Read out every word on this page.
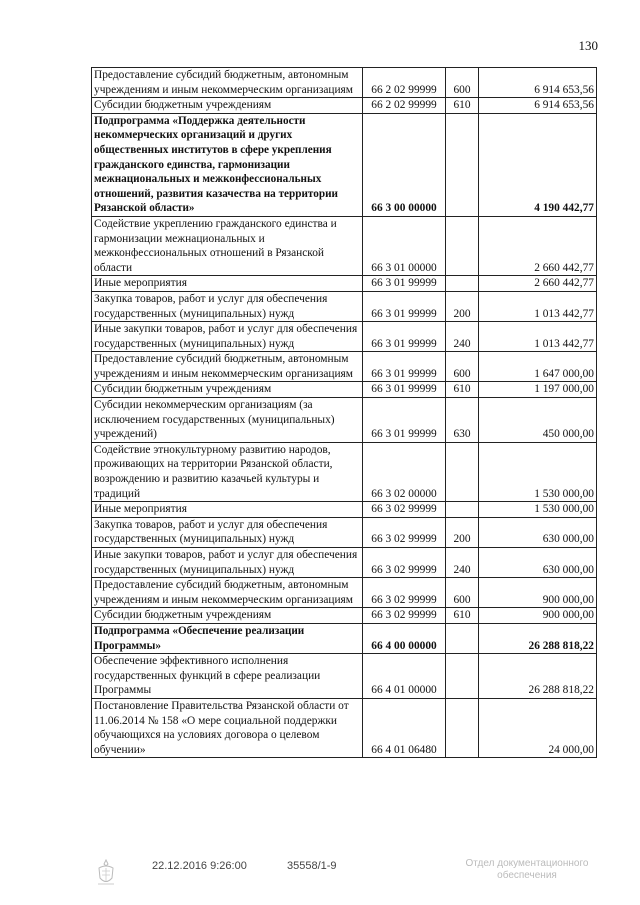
130
Предоставление субсидий бюджетным, автономным учреждениям и иным некоммерческим организациям	66 2 02 99999	600	6 914 653,56
Субсидии бюджетным учреждениям	66 2 02 99999	610	6 914 653,56
Подпрограмма «Поддержка деятельности некоммерческих организаций и других общественных институтов в сфере укрепления гражданского единства, гармонизации межнациональных и межконфессиональных отношений, развития казачества на территории Рязанской области»	66 3 00 00000		4 190 442,77
Содействие укреплению гражданского единства и гармонизации межнациональных и межконфессиональных отношений в Рязанской области	66 3 01 00000		2 660 442,77
Иные мероприятия	66 3 01 99999		2 660 442,77
Закупка товаров, работ и услуг для обеспечения государственных (муниципальных) нужд	66 3 01 99999	200	1 013 442,77
Иные закупки товаров, работ и услуг для обеспечения государственных (муниципальных) нужд	66 3 01 99999	240	1 013 442,77
Предоставление субсидий бюджетным, автономным учреждениям и иным некоммерческим организациям	66 3 01 99999	600	1 647 000,00
Субсидии бюджетным учреждениям	66 3 01 99999	610	1 197 000,00
Субсидии некоммерческим организациям (за исключением государственных (муниципальных) учреждений)	66 3 01 99999	630	450 000,00
Содействие этнокультурному развитию народов, проживающих на территории Рязанской области, возрождению и развитию казачьей культуры и традиций	66 3 02 00000		1 530 000,00
Иные мероприятия	66 3 02 99999		1 530 000,00
Закупка товаров, работ и услуг для обеспечения государственных (муниципальных) нужд	66 3 02 99999	200	630 000,00
Иные закупки товаров, работ и услуг для обеспечения государственных (муниципальных) нужд	66 3 02 99999	240	630 000,00
Предоставление субсидий бюджетным, автономным учреждениям и иным некоммерческим организациям	66 3 02 99999	600	900 000,00
Субсидии бюджетным учреждениям	66 3 02 99999	610	900 000,00
Подпрограмма «Обеспечение реализации Программы»	66 4 00 00000		26 288 818,22
Обеспечение эффективного исполнения государственных функций в сфере реализации Программы	66 4 01 00000		26 288 818,22
Постановление Правительства Рязанской области от 11.06.2014 № 158 «О мере социальной поддержки обучающихся на условиях договора о целевом обучении»	66 4 01 06480		24 000,00
22.12.2016 9:26:00	35558/1-9	Отдел документационного
обеспечения
